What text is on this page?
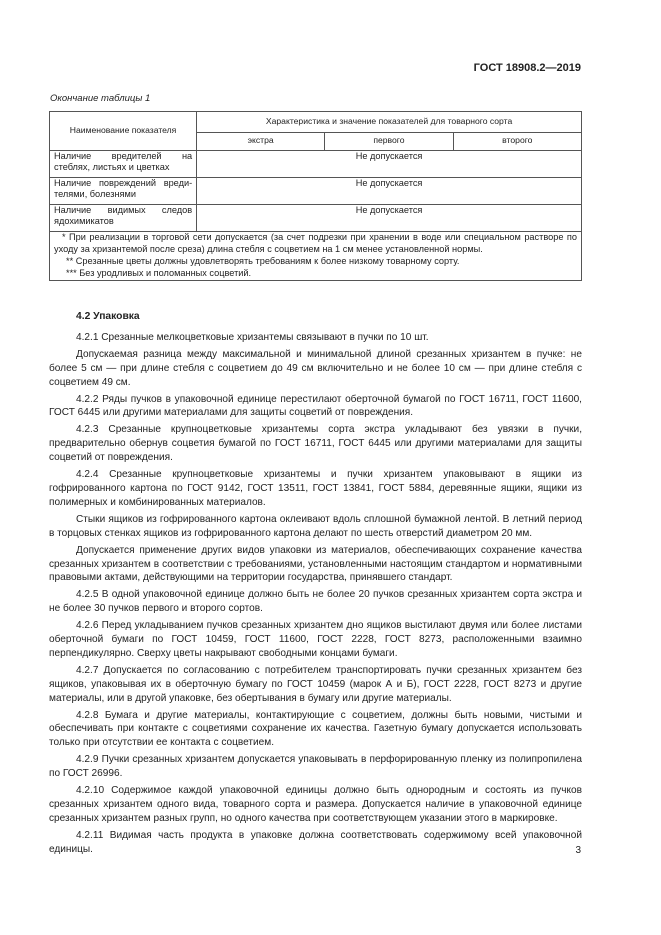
ГОСТ 18908.2—2019
Окончание таблицы 1
Наименование показателя	Характеристика и значение показателей для товарного сорта		
	экстра	первого	второго
Наличие вредителей на стеблях, листьях и цветках	Не допускается		
Наличие повреждений вреди-телями, болезнями	Не допускается		
Наличие видимых следов ядохимикатов	Не допускается		

* При реализации в торговой сети допускается (за счет подрезки при хранении в воде или специальном растворе по уходу за хризантемой после среза) длина стебля с соцветием на 1 см менее установленной нормы.

** Срезанные цветы должны удовлетворять требованиям к более низкому товарному сорту.

*** Без уродливых и поломанных соцветий.			

4.2 Упаковка

4.2.1 Срезанные мелкоцветковые хризантемы связывают в пучки по 10 шт.

Допускаемая разница между максимальной и минимальной длиной срезанных хризантем в пучке: не более 5 см — при длине стебля с соцветием до 49 см включительно и не более 10 см — при длине стебля с соцветием 49 см.

4.2.2 Ряды пучков в упаковочной единице перестилают оберточной бумагой по ГОСТ 16711, ГОСТ 11600, ГОСТ 6445 или другими материалами для защиты соцветий от повреждения.

4.2.3 Срезанные крупноцветковые хризантемы сорта экстра укладывают без увязки в пучки, предварительно обернув соцветия бумагой по ГОСТ 16711, ГОСТ 6445 или другими материалами для защиты соцветий от повреждения.

4.2.4 Срезанные крупноцветковые хризантемы и пучки хризантем упаковывают в ящики из гофрированного картона по ГОСТ 9142, ГОСТ 13511, ГОСТ 13841, ГОСТ 5884, деревянные ящики, ящики из полимерных и комбинированных материалов.

Стыки ящиков из гофрированного картона оклеивают вдоль сплошной бумажной лентой. В летний период в торцовых стенках ящиков из гофрированного картона делают по шесть отверстий диаметром 20 мм.

Допускается применение других видов упаковки из материалов, обеспечивающих сохранение качества срезанных хризантем в соответствии с требованиями, установленными настоящим стандартом и нормативными правовыми актами, действующими на территории государства, принявшего стандарт.

4.2.5 В одной упаковочной единице должно быть не более 20 пучков срезанных хризантем сорта экстра и не более 30 пучков первого и второго сортов.

4.2.6 Перед укладыванием пучков срезанных хризантем дно ящиков выстилают двумя или более листами оберточной бумаги по ГОСТ 10459, ГОСТ 11600, ГОСТ 2228, ГОСТ 8273, расположенными взаимно перпендикулярно. Сверху цветы накрывают свободными концами бумаги.

4.2.7 Допускается по согласованию с потребителем транспортировать пучки срезанных хризантем без ящиков, упаковывая их в оберточную бумагу по ГОСТ 10459 (марок А и Б), ГОСТ 2228, ГОСТ 8273 и другие материалы, или в другой упаковке, без обертывания в бумагу или другие материалы.

4.2.8 Бумага и другие материалы, контактирующие с соцветием, должны быть новыми, чистыми и обеспечивать при контакте с соцветиями сохранение их качества. Газетную бумагу допускается использовать только при отсутствии ее контакта с соцветием.

4.2.9 Пучки срезанных хризантем допускается упаковывать в перфорированную пленку из полипропилена по ГОСТ 26996.

4.2.10 Содержимое каждой упаковочной единицы должно быть однородным и состоять из пучков срезанных хризантем одного вида, товарного сорта и размера. Допускается наличие в упаковочной единице срезанных хризантем разных групп, но одного качества при соответствующем указании этого в маркировке.

4.2.11 Видимая часть продукта в упаковке должна соответствовать содержимому всей упаковочной единицы.	3
